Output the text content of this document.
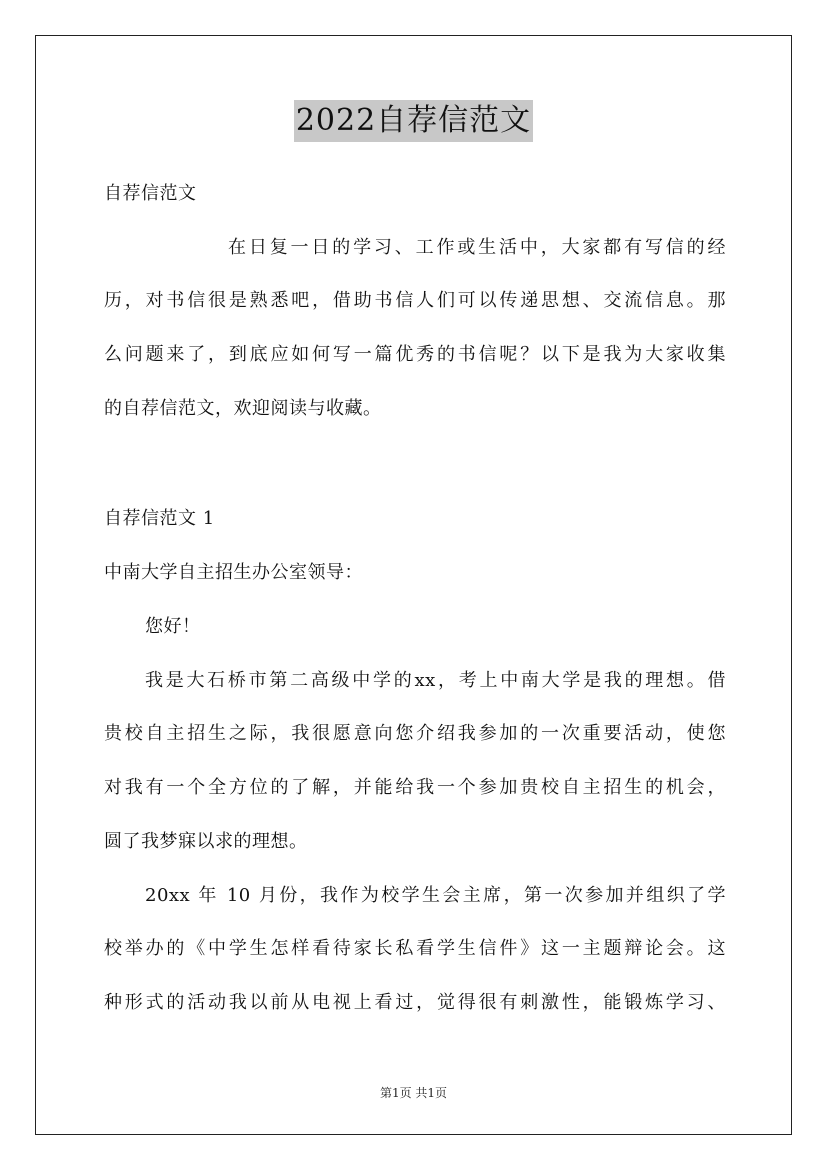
2022自荐信范文
自荐信范文
在日复一日的学习、工作或生活中，大家都有写信的经
历，对书信很是熟悉吧，借助书信人们可以传递思想、交流信息。那
么问题来了，到底应如何写一篇优秀的书信呢？以下是我为大家收集
的自荐信范文，欢迎阅读与收藏。
自荐信范文 1
中南大学自主招生办公室领导：
您好！
我是大石桥市第二高级中学的xx，考上中南大学是我的理想。借
贵校自主招生之际，我很愿意向您介绍我参加的一次重要活动，使您
对我有一个全方位的了解，并能给我一个参加贵校自主招生的机会，
圆了我梦寐以求的理想。
20xx 年 10 月份，我作为校学生会主席，第一次参加并组织了学
校举办的《中学生怎样看待家长私看学生信件》这一主题辩论会。这
种形式的活动我以前从电视上看过，觉得很有刺激性，能锻炼学习、
第1页 共1页
